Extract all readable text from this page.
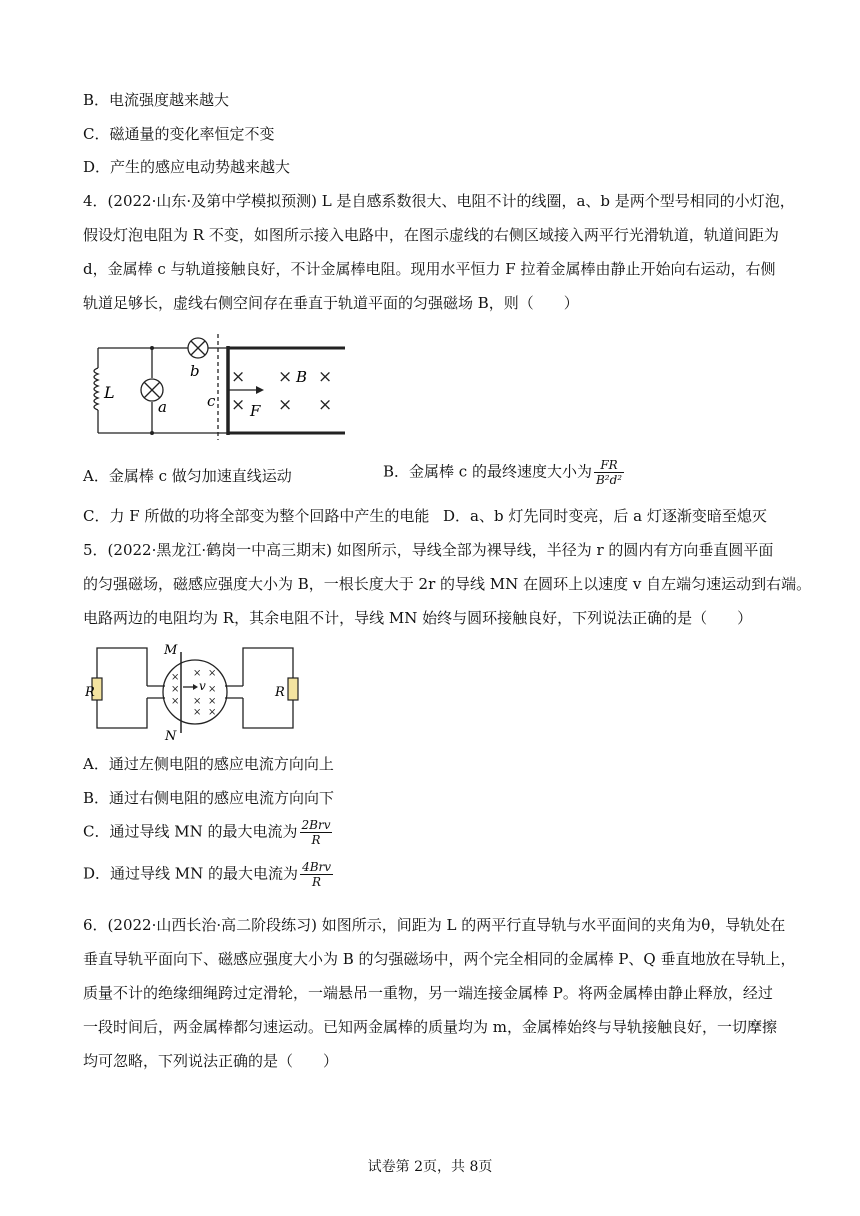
B．电流强度越来越大
C．磁通量的变化率恒定不变
D．产生的感应电动势越来越大
4．(2022·山东·及第中学模拟预测) L 是自感系数很大、电阻不计的线圈，a、b 是两个型号相同的小灯泡，
假设灯泡电阻为 R 不变，如图所示接入电路中，在图示虚线的右侧区域接入两平行光滑轨道，轨道间距为
d，金属棒 c 与轨道接触良好，不计金属棒电阻。现用水平恒力 F 拉着金属棒由静止开始向右运动，右侧
轨道足够长，虚线右侧空间存在垂直于轨道平面的匀强磁场 B，则（　　）
× × ×
× × ×
L
a
b
c
B
F
A．金属棒 c 做匀加速直线运动	B．金属棒 c 的最终速度大小为 $\frac{FR}{\text{B²d²}}$
C．力 F 所做的功将全部变为整个回路中产生的电能 D．a、b 灯先同时变亮，后 a 灯逐渐变暗至熄灭
5．(2022·黑龙江·鹤岗一中高三期末) 如图所示，导线全部为裸导线，半径为 r 的圆内有方向垂直圆平面
的匀强磁场，磁感应强度大小为 B，一根长度大于 2r 的导线 MN 在圆环上以速度 v 自左端匀速运动到右端。
电路两边的电阻均为 R，其余电阻不计，导线 MN 始终与圆环接触良好，下列说法正确的是（　　）
× × ×
×	×
× × ×
× ×
M
N
v
R	R
A．通过左侧电阻的感应电流方向向上
B．通过右侧电阻的感应电流方向向下
C．通过导线 MN 的最大电流为 $\frac{\text{2Brv}}{R}$
D．通过导线 MN 的最大电流为 $\frac{\text{4Brv}}{R}$
6．(2022·山西长治·高二阶段练习) 如图所示，间距为 L 的两平行直导轨与水平面间的夹角为θ，导轨处在
垂直导轨平面向下、磁感应强度大小为 B 的匀强磁场中，两个完全相同的金属棒 P、Q 垂直地放在导轨上，
质量不计的绝缘细绳跨过定滑轮，一端悬吊一重物，另一端连接金属棒 P。将两金属棒由静止释放，经过
一段时间后，两金属棒都匀速运动。已知两金属棒的质量均为 m，金属棒始终与导轨接触良好，一切摩擦
均可忽略，下列说法正确的是（　　）
试卷第 2页，共 8页
